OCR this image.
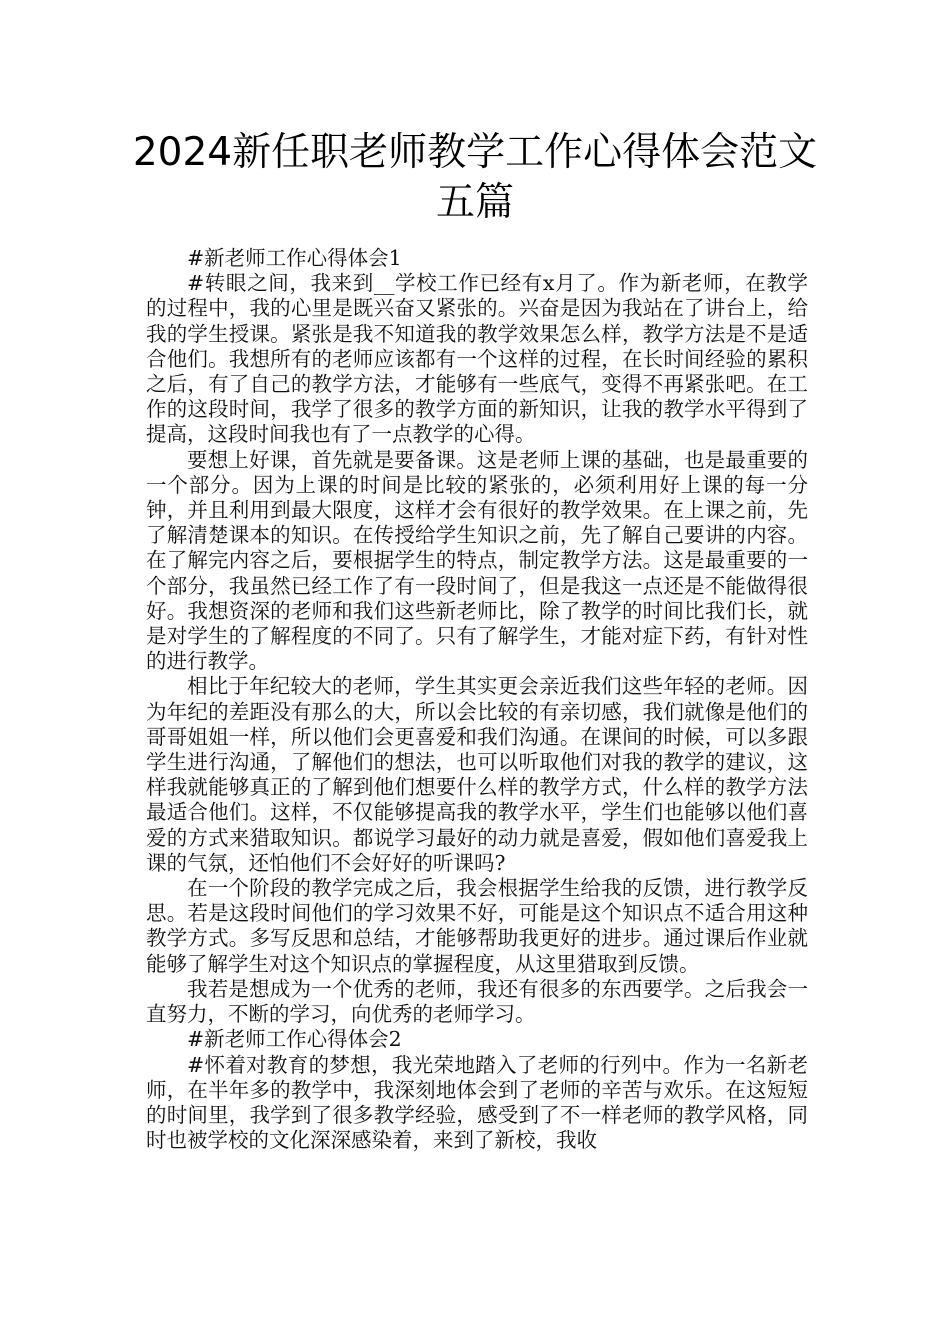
2024新任职老师教学工作心得体会范文五篇

#新老师工作心得体会1

#转眼之间，我来到__学校工作已经有x月了。作为新老师，在教学的过程中，我的心里是既兴奋又紧张的。兴奋是因为我站在了讲台上，给我的学生授课。紧张是我不知道我的教学效果怎么样，教学方法是不是适合他们。我想所有的老师应该都有一个这样的过程，在长时间经验的累积之后，有了自己的教学方法，才能够有一些底气，变得不再紧张吧。在工作的这段时间，我学了很多的教学方面的新知识，让我的教学水平得到了提高，这段时间我也有了一点教学的心得。

要想上好课，首先就是要备课。这是老师上课的基础，也是最重要的一个部分。因为上课的时间是比较的紧张的，必须利用好上课的每一分钟，并且利用到最大限度，这样才会有很好的教学效果。在上课之前，先了解清楚课本的知识。在传授给学生知识之前，先了解自己要讲的内容。在了解完内容之后，要根据学生的特点，制定教学方法。这是最重要的一个部分，我虽然已经工作了有一段时间了，但是我这一点还是不能做得很好。我想资深的老师和我们这些新老师比，除了教学的时间比我们长，就是对学生的了解程度的不同了。只有了解学生，才能对症下药，有针对性的进行教学。

相比于年纪较大的老师，学生其实更会亲近我们这些年轻的老师。因为年纪的差距没有那么的大，所以会比较的有亲切感，我们就像是他们的哥哥姐姐一样，所以他们会更喜爱和我们沟通。在课间的时候，可以多跟学生进行沟通，了解他们的想法，也可以听取他们对我的教学的建议，这样我就能够真正的了解到他们想要什么样的教学方式，什么样的教学方法最适合他们。这样，不仅能够提高我的教学水平，学生们也能够以他们喜爱的方式来猎取知识。都说学习最好的动力就是喜爱，假如他们喜爱我上课的气氛，还怕他们不会好好的听课吗?

在一个阶段的教学完成之后，我会根据学生给我的反馈，进行教学反思。若是这段时间他们的学习效果不好，可能是这个知识点不适合用这种教学方式。多写反思和总结，才能够帮助我更好的进步。通过课后作业就能够了解学生对这个知识点的掌握程度，从这里猎取到反馈。

我若是想成为一个优秀的老师，我还有很多的东西要学。之后我会一直努力，不断的学习，向优秀的老师学习。

#新老师工作心得体会2

#怀着对教育的梦想，我光荣地踏入了老师的行列中。作为一名新老师，在半年多的教学中，我深刻地体会到了老师的辛苦与欢乐。在这短短的时间里，我学到了很多教学经验，感受到了不一样老师的教学风格，同时也被学校的文化深深感染着，来到了新校，我收
